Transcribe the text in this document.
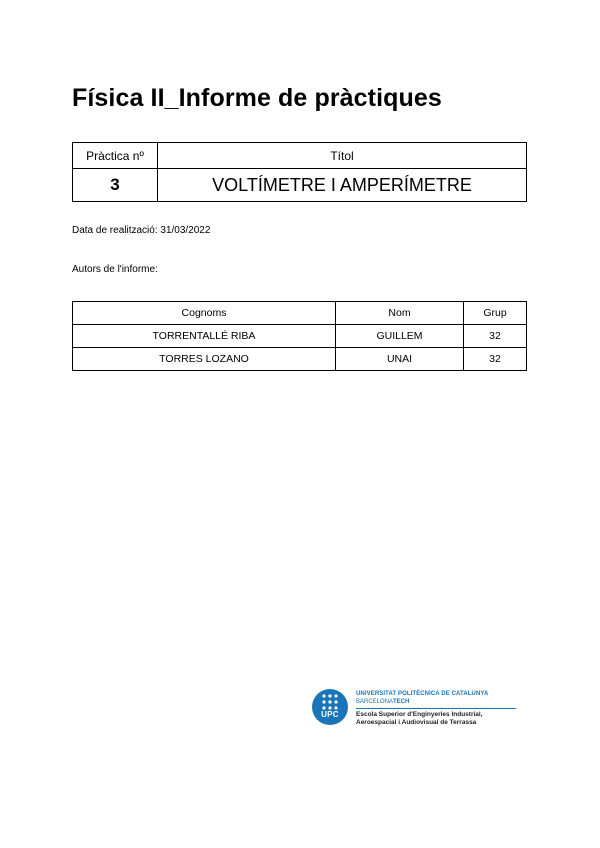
Física II_Informe de pràctiques
Pràctica nº	Títol
3	VOLTÍMETRE I AMPERÍMETRE
Data de realització: 31/03/2022
Autors de l'informe:
Cognoms	Nom	Grup
TORRENTALLÉ RIBA	GUILLEM	32
TORRES LOZANO	UNAI	32
UPC
UNIVERSITAT POLITÈCNICA DE CATALUNYA
BARCELONATECH
Escola Superior d'Enginyeries Industrial,
Aeroespacial i Audiovisual de Terrassa
